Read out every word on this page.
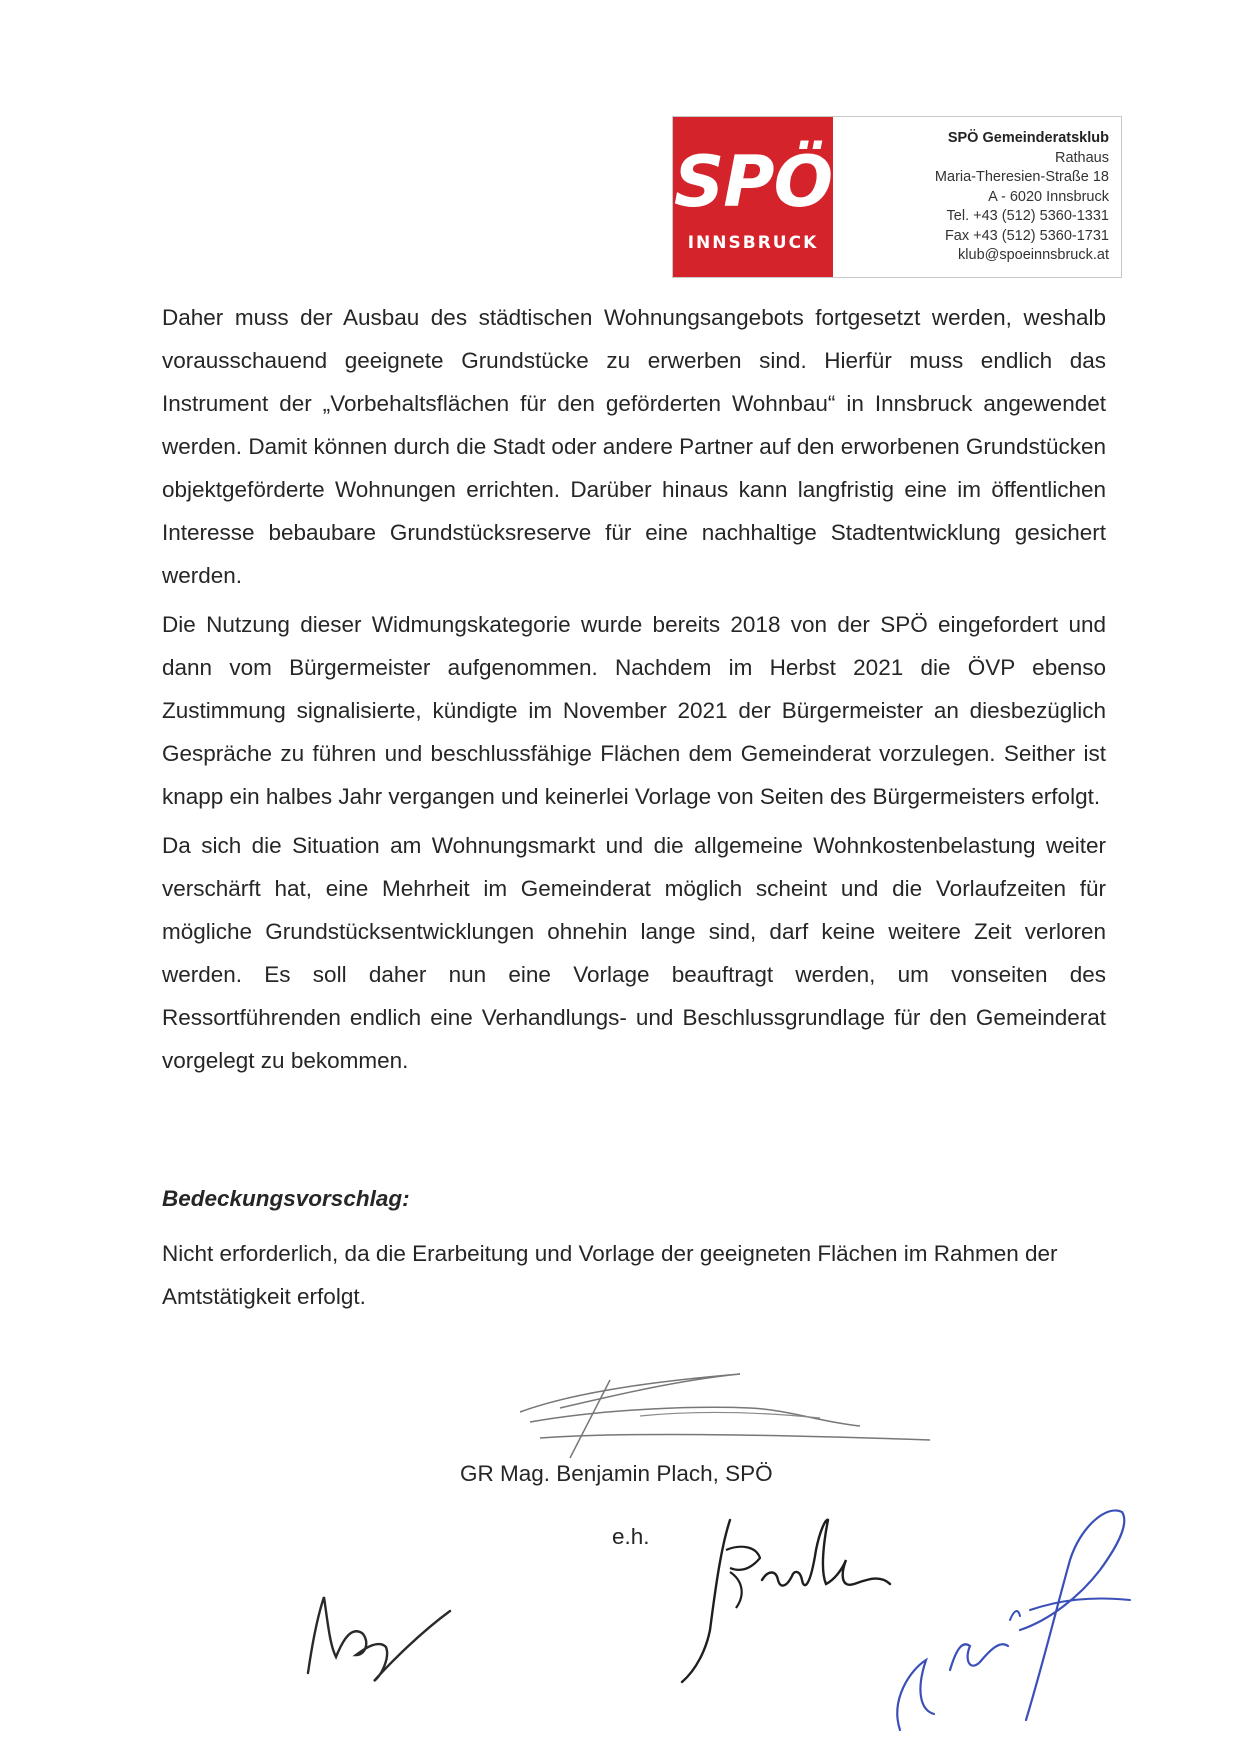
SPÖ
INNSBRUCK
SPÖ Gemeinderatsklub
Rathaus
Maria-Theresien-Straße 18
A - 6020 Innsbruck
Tel. +43 (512) 5360-1331
Fax +43 (512) 5360-1731
klub@spoeinnsbruck.at

Daher muss der Ausbau des städtischen Wohnungsangebots fortgesetzt werden, weshalb vorausschauend geeignete Grundstücke zu erwerben sind. Hierfür muss endlich das Instrument der „Vorbehaltsflächen für den geförderten Wohnbau“ in Innsbruck angewendet werden. Damit können durch die Stadt oder andere Partner auf den erworbenen Grundstücken objektgeförderte Wohnungen errichten. Darüber hinaus kann langfristig eine im öffentlichen Interesse bebaubare Grundstücksreserve für eine nachhaltige Stadtentwicklung gesichert werden.

Die Nutzung dieser Widmungskategorie wurde bereits 2018 von der SPÖ eingefordert und dann vom Bürgermeister aufgenommen. Nachdem im Herbst 2021 die ÖVP ebenso Zustimmung signalisierte, kündigte im November 2021 der Bürgermeister an diesbezüglich Gespräche zu führen und beschlussfähige Flächen dem Gemeinderat vorzulegen. Seither ist knapp ein halbes Jahr vergangen und keinerlei Vorlage von Seiten des Bürgermeisters erfolgt.

Da sich die Situation am Wohnungsmarkt und die allgemeine Wohnkostenbelastung weiter verschärft hat, eine Mehrheit im Gemeinderat möglich scheint und die Vorlaufzeiten für mögliche Grundstücksentwicklungen ohnehin lange sind, darf keine weitere Zeit verloren werden. Es soll daher nun eine Vorlage beauftragt werden, um vonseiten des Ressortführenden endlich eine Verhandlungs- und Beschlussgrundlage für den Gemeinderat vorgelegt zu bekommen.

Bedeckungsvorschlag:

Nicht erforderlich, da die Erarbeitung und Vorlage der geeigneten Flächen im Rahmen der Amtstätigkeit erfolgt.

GR Mag. Benjamin Plach, SPÖ
e.h.
